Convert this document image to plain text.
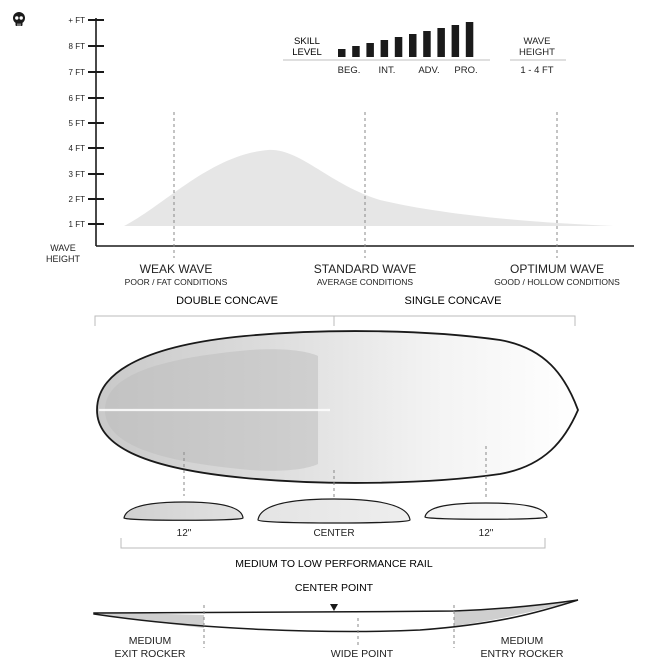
+ FT
8 FT
7 FT
6 FT
5 FT
4 FT
3 FT
2 FT
1 FT
WAVE
HEIGHT
WEAK WAVE
POOR / FAT CONDITIONS
STANDARD WAVE
AVERAGE CONDITIONS
OPTIMUM WAVE
GOOD / HOLLOW CONDITIONS
SKILL
LEVEL
BEG. INT. ADV. PRO.
WAVE
HEIGHT
1 - 4 FT
DOUBLE CONCAVE	SINGLE CONCAVE
12"	CENTER	12"
MEDIUM TO LOW PERFORMANCE RAIL
CENTER POINT
MEDIUM
EXIT ROCKER	WIDE POINT
MEDIUM
ENTRY ROCKER
